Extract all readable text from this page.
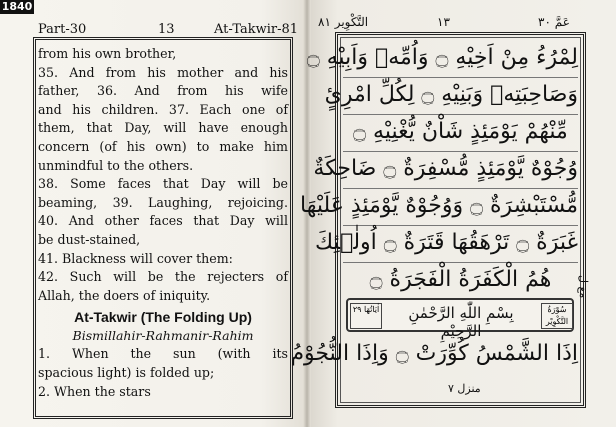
1840
Part-30	13	At-Takwir-81
from his own brother,
35. And from his mother and his
father, 36. And from his wife
and his children. 37. Each one of
them, that Day, will have enough
concern (of his own) to make him
unmindful to the others.
38. Some faces that Day will be
beaming, 39. Laughing, rejoicing.
40. And other faces that Day will
be dust-stained,
41. Blackness will cover them:
42. Such will be the rejecters of
Allah, the doers of iniquity.
At-Takwir (The Folding Up)
Bismillahir-Rahmanir-Rahim
1. When the sun (with its
spacious light) is folded up;
2. When the stars
عَمَّ ٣٠
١٣
التَّكْوِير ٨١
لِمْرُءُ مِنْ اَخِيْهِ ۝ وَاُمِّهٖ وَاَبِيْهِ ۝
وَصَاحِبَتِهٖ وَبَنِيْهِ ۝ لِكُلِّ امْرِئٍ
مِّنْهُمْ يَوْمَئِذٍ شَاْنٌ يُّغْنِيْهِ ۝
وُجُوْهٌ يَّوْمَئِذٍ مُّسْفِرَةٌ ۝ ضَاحِكَةٌ
مُّسْتَبْشِرَةٌ ۝ وَوُجُوْهٌ يَّوْمَئِذٍ عَلَيْهَا
غَبَرَةٌ ۝ تَرْهَقُهَا قَتَرَةٌ ۝ اُولٰۤئِكَ
هُمُ الْكَفَرَةُ الْفَجَرَةُ ۝
اٰيَاتُهَا ٢٩	بِسْمِ اللّٰهِ الرَّحْمٰنِ الرَّحِيْمِ
سُوْرَةُ التَّكْوِيْر
اِذَا الشَّمْسُ كُوِّرَتْ ۝ وَاِذَا النُّجُوْمُ
منزل ٧
مع ل
